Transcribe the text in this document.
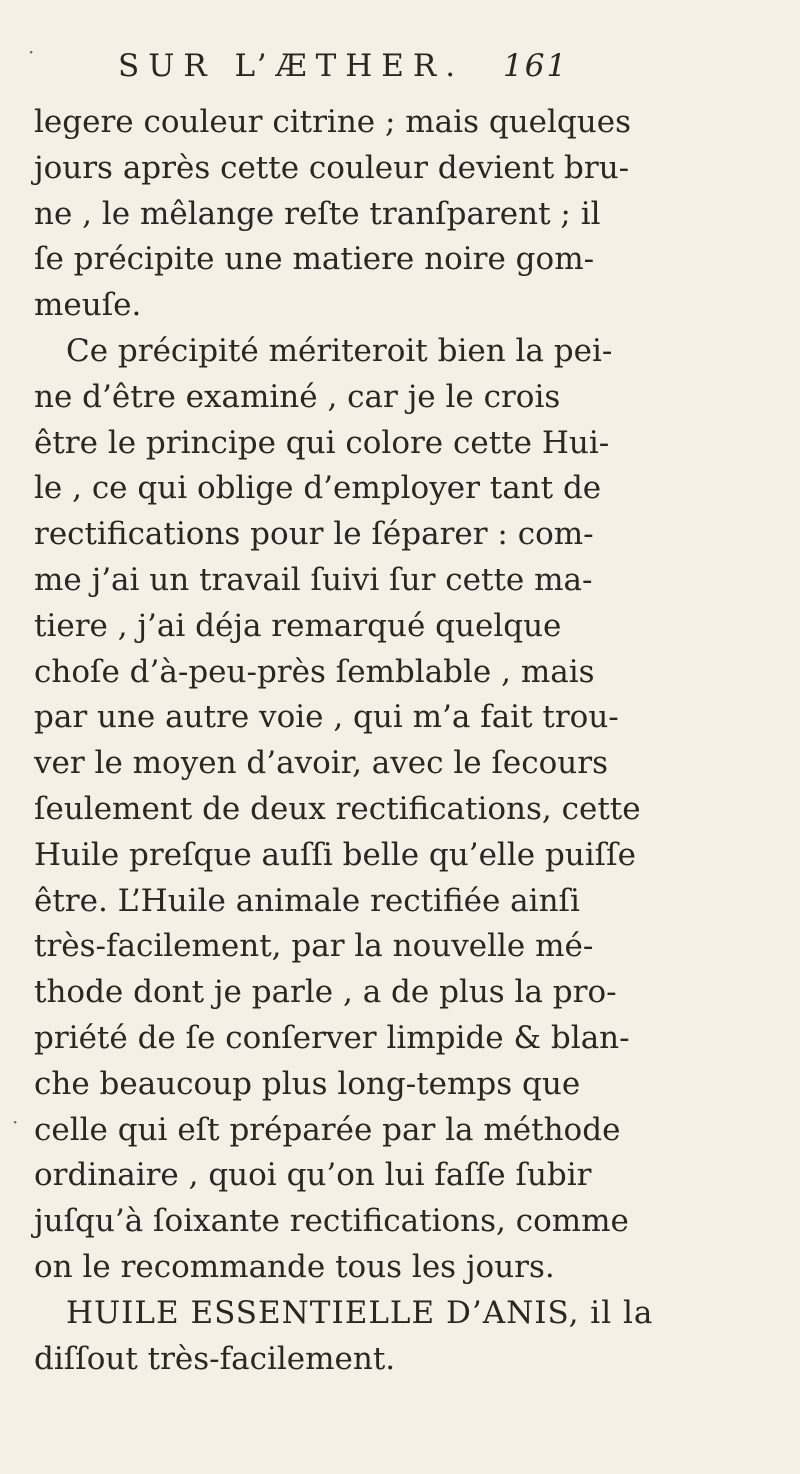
SUR L’ÆTHER. 161
legere couleur citrine ; mais quelques
jours après cette couleur devient bru-
ne , le mêlange reſte tranſparent ; il
ſe précipite une matiere noire gom-
meuſe.
Ce précipité mériteroit bien la pei-
ne d’être examiné , car je le crois
être le principe qui colore cette Hui-
le , ce qui oblige d’employer tant de
rectifications pour le ſéparer : com-
me j’ai un travail ſuivi ſur cette ma-
tiere , j’ai déja remarqué quelque
choſe d’à-peu-près ſemblable , mais
par une autre voie , qui m’a fait trou-
ver le moyen d’avoir, avec le ſecours
ſeulement de deux rectifications, cette
Huile preſque auſſi belle qu’elle puiſſe
être. L’Huile animale rectifiée ainſi
très-facilement, par la nouvelle mé-
thode dont je parle , a de plus la pro-
priété de ſe conſerver limpide & blan-
che beaucoup plus long-temps que
celle qui eſt préparée par la méthode
ordinaire , quoi qu’on lui faſſe ſubir
juſqu’à ſoixante rectifications, comme
on le recommande tous les jours.
HUILE ESSENTIELLE D’ANIS, il la
diſſout très-facilement.
·
·
